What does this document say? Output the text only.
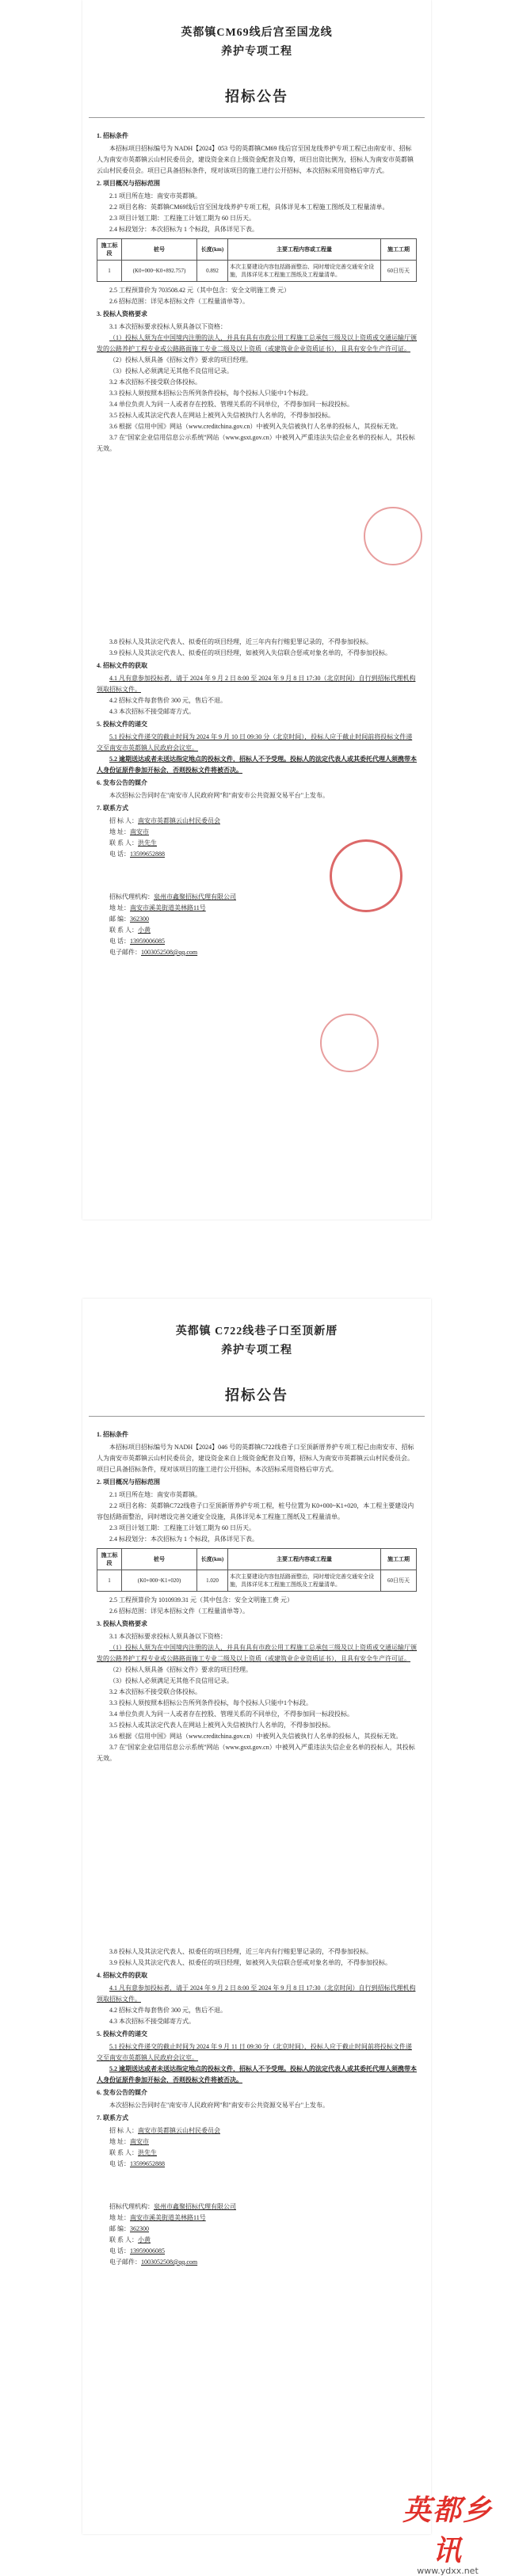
英都镇CM69线后宫至国龙线
养护专项工程
招标公告
1. 招标条件
本招标项目招标编号为 NADH【2024】053 号的英都镇CM69 线后宫至国龙线养护专项工程已由南安市、招标人为南安市英都镇云山村民委员会，建设资金来自上级资金配套及自筹，项目出资比例为，招标人为南安市英都镇云山村民委员会。项目已具备招标条件，现对该项目的施工进行公开招标，本次招标采用资格后审方式。
2. 项目概况与招标范围
2.1 项目所在地：南安市英都镇。
2.2 项目名称：英都镇CM69线后宫至国龙线养护专项工程，具体详见本工程施工图纸及工程量清单。
2.3 项目计划工期：工程施工计划工期为 60 日历天。
2.4 标段划分：本次招标为 1 个标段，具体详见下表。
施工标段	桩号	长度(km)	主要工程内容或工程量	施工工期
1	(K0+000~K0+892.757)	0.892	本次主要建设内容包括路面整治、同时增设完善交通安全设施，具体详见本工程施工图纸及工程量清单。	60日历天
2.5 工程预算价为 703508.42 元（其中包含：安全文明施工费 元）
2.6 招标范围：详见本招标文件（工程量清单等）。
3. 投标人资格要求
3.1 本次招标要求投标人须具备以下资格：
（1）投标人须为在中国境内注册的法人，并具有具有市政公用工程施工总承包三级及以上资质或交通运输厅颁发的公路养护工程专业或公路路面施工专业二级及以上资质（或建筑业企业资质证书），且具有安全生产许可证。
（2）投标人须具备《招标文件》要求的项目经理。
（3）投标人必须满足无其他不良信用记录。
3.2 本次招标不接受联合体投标。
3.3 投标人须按照本招标公告所列条件投标，每个投标人只能中1个标段。
3.4 单位负责人为同一人或者存在控股、管理关系的不同单位，不得参加同一标段投标。
3.5 投标人或其法定代表人在网站上被列入失信被执行人名单的，不得参加投标。
3.6 根据《信用中国》网站（www.creditchina.gov.cn）中被列入失信被执行人名单的投标人，其投标无效。
3.7 在"国家企业信用信息公示系统"网站（www.gsxt.gov.cn）中被列入严重违法失信企业名单的投标人，其投标无效。
3.8 投标人及其法定代表人、拟委任的项目经理，近三年内有行贿犯罪记录的，不得参加投标。
3.9 投标人及其法定代表人、拟委任的项目经理，如被列入失信联合惩戒对象名单的，不得参加投标。
4. 招标文件的获取
4.1 凡有意参加投标者，请于 2024 年 9 月 2 日 8:00 至 2024 年 9 月 8 日 17:30（北京时间）自行到招标代理机构领取招标文件。
4.2 招标文件每套售价 300 元，售后不退。
4.3 本次招标不接受邮寄方式。
5. 投标文件的递交
5.1 投标文件递交的截止时间为 2024 年 9 月 10 日 09:30 分（北京时间），投标人应于截止时间前将投标文件递交至南安市英都镇人民政府会议室。
5.2 逾期送达或者未送达指定地点的投标文件，招标人不予受理。投标人的法定代表人或其委托代理人须携带本人身份证原件参加开标会，否则投标文件将被否决。
6. 发布公告的媒介
本次招标公告同时在"南安市人民政府网"和"南安市公共资源交易平台"上发布。
7. 联系方式
招 标 人：南安市英都镇云山村民委员会
地 址：南安市
联 系 人：洪先生
电 话：13599652888
招标代理机构：泉州市鑫聚招标代理有限公司
地 址：南安市溪美街道美林路11号
邮 编：362300
联 系 人：小黄
电 话：13959006085
电子邮件：1003052508@qq.com
英都镇 C722线巷子口至顶新厝
养护专项工程
招标公告
1. 招标条件
本招标项目招标编号为 NADH【2024】046 号的英都镇C722线巷子口至顶新厝养护专项工程已由南安市、招标人为南安市英都镇云山村民委员会，建设资金来自上级资金配套及自筹，招标人为南安市英都镇云山村民委员会。项目已具备招标条件，现对该项目的施工进行公开招标，本次招标采用资格后审方式。
2. 项目概况与招标范围
2.1 项目所在地：南安市英都镇。
2.2 项目名称：英都镇C722线巷子口至顶新厝养护专项工程，桩号位置为 K0+000~K1+020，本工程主要建设内容包括路面整治，同时增设完善交通安全设施，具体详见本工程施工图纸及工程量清单。
2.3 项目计划工期：工程施工计划工期为 60 日历天。
2.4 标段划分：本次招标为 1 个标段，具体详见下表。
施工标段	桩号	长度(km)	主要工程内容或工程量	施工工期
1	(K0+000~K1+020)	1.020	本次主要建设内容包括路面整治，同时增设完善交通安全设施，具体详见本工程施工图纸及工程量清单。	60日历天
2.5 工程预算价为 1010939.31 元（其中包含：安全文明施工费 元）
2.6 招标范围：详见本招标文件（工程量清单等）。
3. 投标人资格要求
3.1 本次招标要求投标人须具备以下资格：
（1）投标人须为在中国境内注册的法人，并具有具有市政公用工程施工总承包三级及以上资质或交通运输厅颁发的公路养护工程专业或公路路面施工专业二级及以上资质（或建筑业企业资质证书），且具有安全生产许可证。
（2）投标人须具备《招标文件》要求的项目经理。
（3）投标人必须满足无其他不良信用记录。
3.2 本次招标不接受联合体投标。
3.3 投标人须按照本招标公告所列条件投标，每个投标人只能中1个标段。
3.4 单位负责人为同一人或者存在控股、管理关系的不同单位，不得参加同一标段投标。
3.5 投标人或其法定代表人在网站上被列入失信被执行人名单的，不得参加投标。
3.6 根据《信用中国》网站（www.creditchina.gov.cn）中被列入失信被执行人名单的投标人，其投标无效。
3.7 在"国家企业信用信息公示系统"网站（www.gsxt.gov.cn）中被列入严重违法失信企业名单的投标人，其投标无效。
3.8 投标人及其法定代表人、拟委任的项目经理，近三年内有行贿犯罪记录的，不得参加投标。
3.9 投标人及其法定代表人、拟委任的项目经理，如被列入失信联合惩戒对象名单的，不得参加投标。
4. 招标文件的获取
4.1 凡有意参加投标者，请于 2024 年 9 月 2 日 8:00 至 2024 年 9 月 8 日 17:30（北京时间）自行到招标代理机构领取招标文件。
4.2 招标文件每套售价 300 元，售后不退。
4.3 本次招标不接受邮寄方式。
5. 投标文件的递交
5.1 投标文件递交的截止时间为 2024 年 9 月 11 日 09:30 分（北京时间），投标人应于截止时间前将投标文件递交至南安市英都镇人民政府会议室。
5.2 逾期送达或者未送达指定地点的投标文件，招标人不予受理。投标人的法定代表人或其委托代理人须携带本人身份证原件参加开标会，否则投标文件将被否决。
6. 发布公告的媒介
本次招标公告同时在"南安市人民政府网"和"南安市公共资源交易平台"上发布。
7. 联系方式
招 标 人：南安市英都镇云山村民委员会
地 址：南安市
联 系 人：洪先生
电 话：13599652888
招标代理机构：泉州市鑫聚招标代理有限公司
地 址：南安市溪美街道美林路11号
邮 编：362300
联 系 人：小黄
电 话：13959006085
电子邮件：1003052508@qq.com
英都乡讯
www.ydxx.net
